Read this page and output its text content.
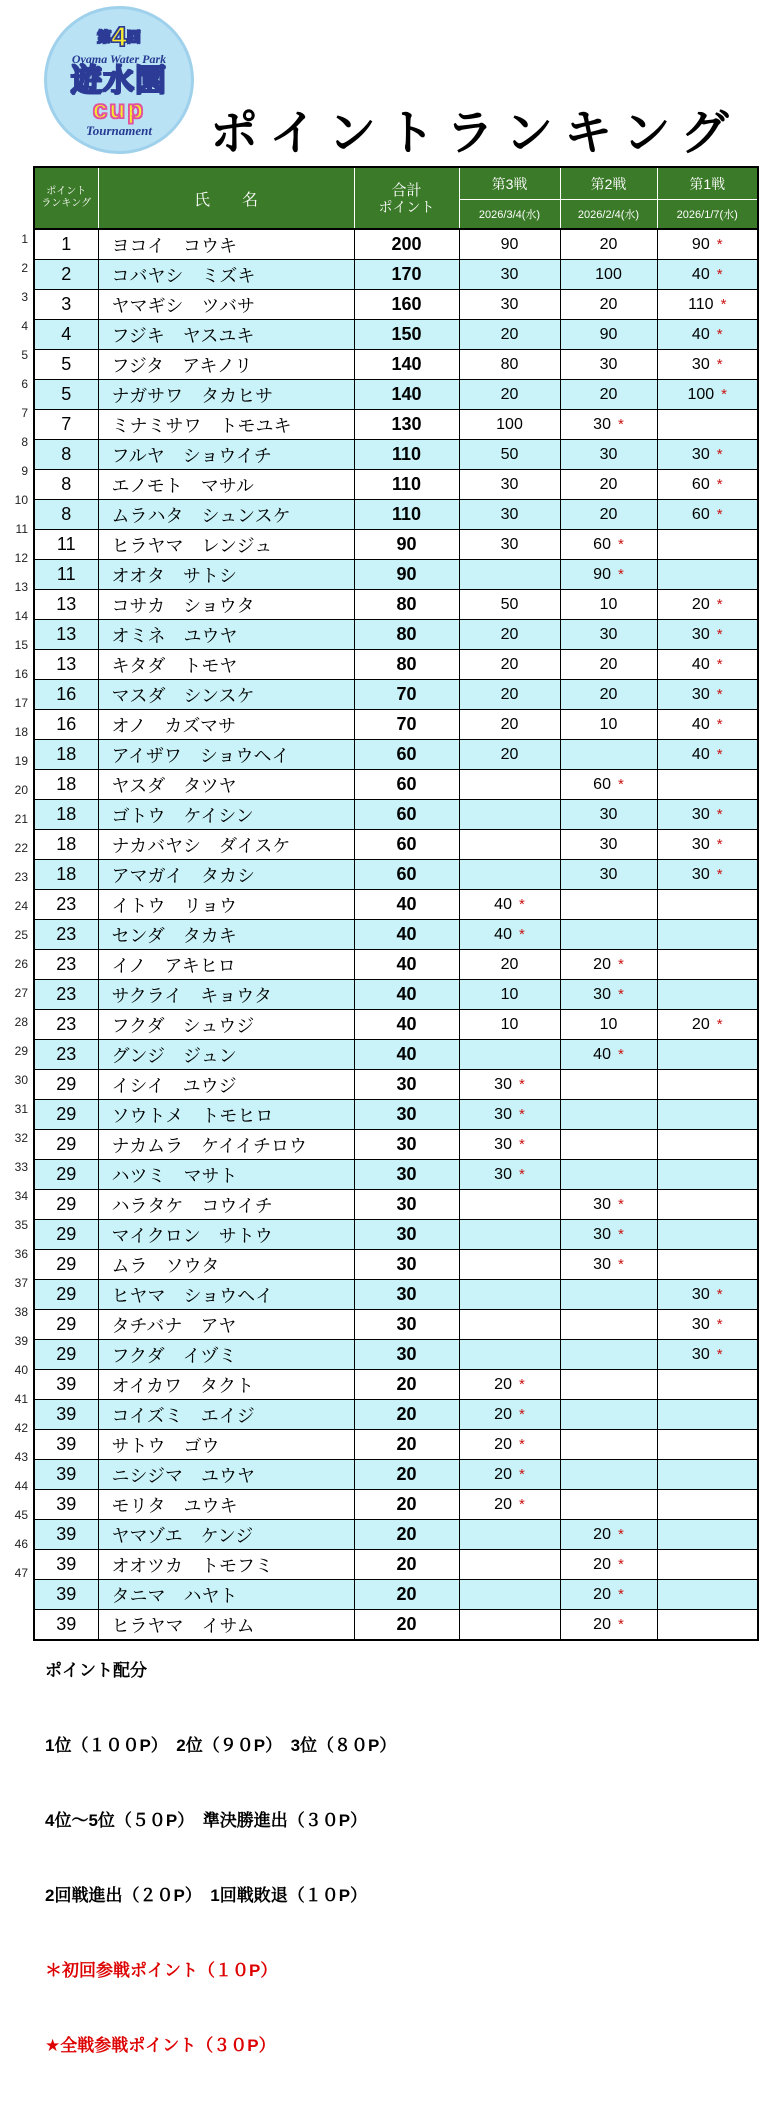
第4回
Oyama Water Park
遊水園
cup
Tournament ポイントランキング
1
2
3
4
5
6
7
8
9
10
11
12
13
14
15
16
17
18
19
20
21
22
23
24
25
26
27
28
29
30
31
32
33
34
35
36
37
38
39
40
41
42
43
44
45
46
47
ポイント
ランキング	氏　　名	
合計
ポイント
	第3戦	第2戦	第1戦
			2026/3/4(水)	2026/2/4(水)	2026/1/7(水)
1	ヨコイ　コウキ	200	90	20	90 *
2	コバヤシ　ミズキ	170	30	100	40 *
3	ヤマギシ　ツバサ	160	30	20	110 *
4	フジキ　ヤスユキ	150	20	90	40 *
5	フジタ　アキノリ	140	80	30	30 *
5	ナガサワ　タカヒサ	140	20	20	100 *
7	ミナミサワ　トモユキ	130	100	30 *	
8	フルヤ　ショウイチ	110	50	30	30 *
8	エノモト　マサル	110	30	20	60 *
8	ムラハタ　シュンスケ	110	30	20	60 *
11	ヒラヤマ　レンジュ	90	30	60 *	
11	オオタ　サトシ	90		90 *	
13	コサカ　ショウタ	80	50	10	20 *
13	オミネ　ユウヤ	80	20	30	30 *
13	キタダ　トモヤ	80	20	20	40 *
16	マスダ　シンスケ	70	20	20	30 *
16	オノ　カズマサ	70	20	10	40 *
18	アイザワ　ショウヘイ	60	20		40 *
18	ヤスダ　タツヤ	60		60 *	
18	ゴトウ　ケイシン	60		30	30 *
18	ナカバヤシ　ダイスケ	60		30	30 *
18	アマガイ　タカシ	60		30	30 *
23	イトウ　リョウ	40	40 *		
23	センダ　タカキ	40	40 *		
23	イノ　アキヒロ	40	20	20 *	
23	サクライ　キョウタ	40	10	30 *	
23	フクダ　シュウジ	40	10	10	20 *
23	グンジ　ジュン	40		40 *	
29	イシイ　ユウジ	30	30 *		
29	ソウトメ　トモヒロ	30	30 *		
29	ナカムラ　ケイイチロウ	30	30 *		
29	ハツミ　マサト	30	30 *		
29	ハラタケ　コウイチ	30		30 *	
29	マイクロン　サトウ	30		30 *	
29	ムラ　ソウタ	30		30 *	
29	ヒヤマ　ショウヘイ	30			30 *
29	タチバナ　アヤ	30			30 *
29	フクダ　イヅミ	30			30 *
39	オイカワ　タクト	20	20 *		
39	コイズミ　エイジ	20	20 *		
39	サトウ　ゴウ	20	20 *		
39	ニシジマ　ユウヤ	20	20 *		
39	モリタ　ユウキ	20	20 *		
39	ヤマゾエ　ケンジ	20		20 *	
39	オオツカ　トモフミ	20		20 *	
39	タニマ　ハヤト	20		20 *	
39	ヒラヤマ　イサム	20		20 *	

ポイント配分

1位（１００P）　2位（９０P）　3位（８０P）

4位～5位（５０P）　準決勝進出（３０P）

2回戦進出（２０P）　1回戦敗退（１０P）

＊初回参戦ポイント（１０P）

★全戦参戦ポイント（３０P）
